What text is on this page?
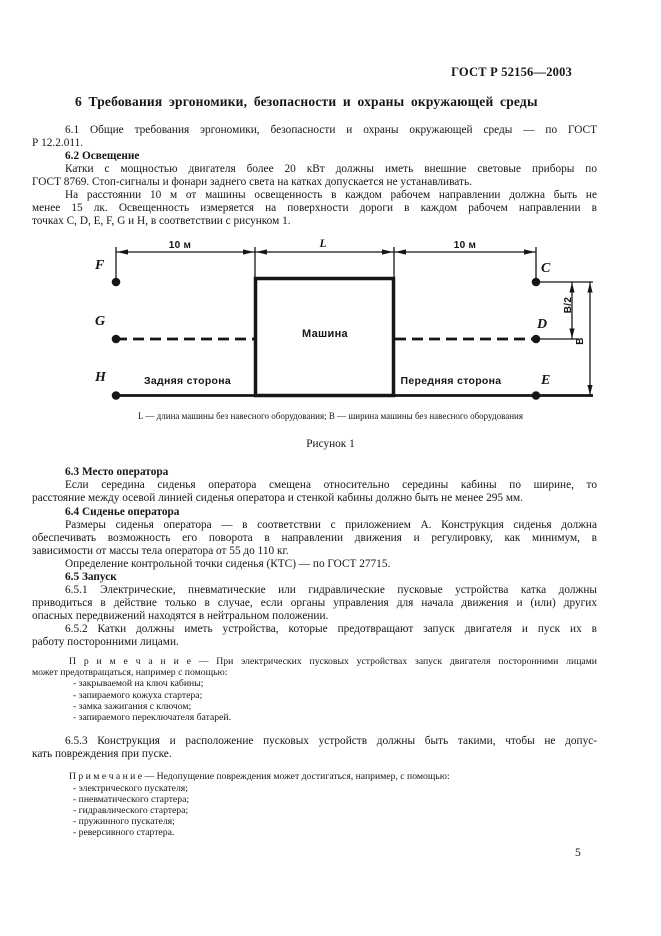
ГОСТ Р 52156—2003
6 Требования эргономики, безопасности и охраны окружающей среды
6.1 Общие требования эргономики, безопасности и охраны окружающей среды — по ГОСТ
Р 12.2.011.
6.2 Освещение
Катки с мощностью двигателя более 20 кВт должны иметь внешние световые приборы по
ГОСТ 8769. Стоп-сигналы и фонари заднего света на катках допускается не устанавливать.
На расстоянии 10 м от машины освещенность в каждом рабочем направлении должна быть не
менее 15 лк. Освещенность измеряется на поверхности дороги в каждом рабочем направлении в
точках C, D, E, F, G и H, в соответствии с рисунком 1.
10 м	L	10 м
F
G
H
C
D
E
Машина
Задняя сторона	Передняя сторона
В/2
В
L — длина машины без навесного оборудования; В — ширина машины без навесного оборудования
Рисунок 1
6.3 Место оператора
Если середина сиденья оператора смещена относительно середины кабины по ширине, то
расстояние между осевой линией сиденья оператора и стенкой кабины должно быть не менее 295 мм.
6.4 Сиденье оператора
Размеры сиденья оператора — в соответствии с приложением А. Конструкция сиденья должна
обеспечивать возможность его поворота в направлении движения и регулировку, как минимум, в
зависимости от массы тела оператора от 55 до 110 кг.
Определение контрольной точки сиденья (КТС) — по ГОСТ 27715.
6.5 Запуск
6.5.1 Электрические, пневматические или гидравлические пусковые устройства катка должны
приводиться в действие только в случае, если органы управления для начала движения и (или) других
опасных передвижений находятся в нейтральном положении.
6.5.2 Катки должны иметь устройства, которые предотвращают запуск двигателя и пуск их в
работу посторонними лицами.
П р и м е ч а н и е — При электрических пусковых устройствах запуск двигателя посторонними лицами
может предотвращаться, например с помощью:
- закрываемой на ключ кабины;
- запираемого кожуха стартера;
- замка зажигания с ключом;
- запираемого переключателя батарей.
6.5.3 Конструкция и расположение пусковых устройств должны быть такими, чтобы не допус-
кать повреждения при пуске.
П р и м е ч а н и е — Недопущение повреждения может достигаться, например, с помощью:
- электрического пускателя;
- пневматического стартера;
- гидравлического стартера;
- пружинного пускателя;
- реверсивного стартера.
5
